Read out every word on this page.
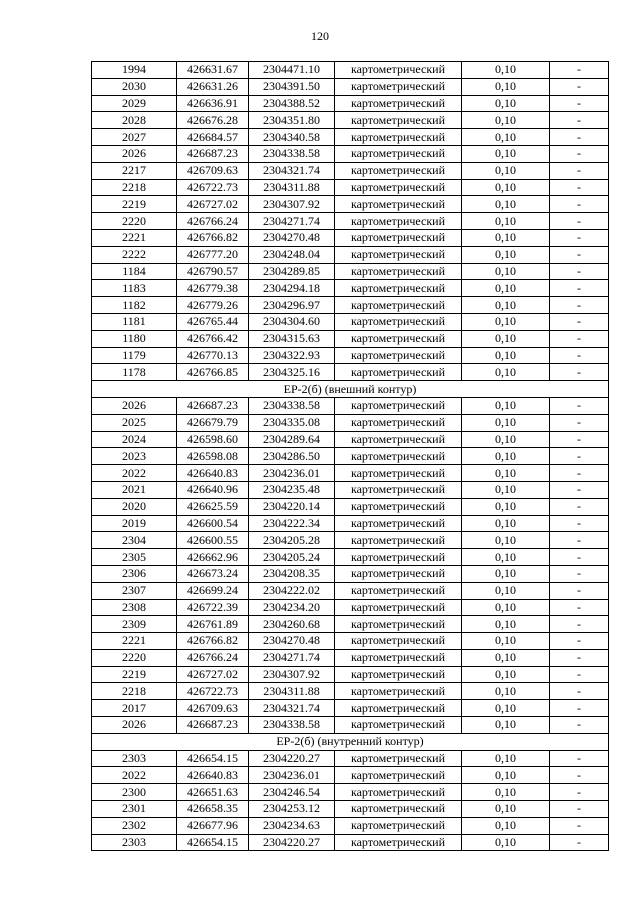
120
1994	426631.67	2304471.10	картометрический	0,10	-
2030	426631.26	2304391.50	картометрический	0,10	-
2029	426636.91	2304388.52	картометрический	0,10	-
2028	426676.28	2304351.80	картометрический	0,10	-
2027	426684.57	2304340.58	картометрический	0,10	-
2026	426687.23	2304338.58	картометрический	0,10	-
2217	426709.63	2304321.74	картометрический	0,10	-
2218	426722.73	2304311.88	картометрический	0,10	-
2219	426727.02	2304307.92	картометрический	0,10	-
2220	426766.24	2304271.74	картометрический	0,10	-
2221	426766.82	2304270.48	картометрический	0,10	-
2222	426777.20	2304248.04	картометрический	0,10	-
1184	426790.57	2304289.85	картометрический	0,10	-
1183	426779.38	2304294.18	картометрический	0,10	-
1182	426779.26	2304296.97	картометрический	0,10	-
1181	426765.44	2304304.60	картометрический	0,10	-
1180	426766.42	2304315.63	картометрический	0,10	-
1179	426770.13	2304322.93	картометрический	0,10	-
1178	426766.85	2304325.16	картометрический	0,10	-
ЕР-2(б) (внешний контур)					
2026	426687.23	2304338.58	картометрический	0,10	-
2025	426679.79	2304335.08	картометрический	0,10	-
2024	426598.60	2304289.64	картометрический	0,10	-
2023	426598.08	2304286.50	картометрический	0,10	-
2022	426640.83	2304236.01	картометрический	0,10	-
2021	426640.96	2304235.48	картометрический	0,10	-
2020	426625.59	2304220.14	картометрический	0,10	-
2019	426600.54	2304222.34	картометрический	0,10	-
2304	426600.55	2304205.28	картометрический	0,10	-
2305	426662.96	2304205.24	картометрический	0,10	-
2306	426673.24	2304208.35	картометрический	0,10	-
2307	426699.24	2304222.02	картометрический	0,10	-
2308	426722.39	2304234.20	картометрический	0,10	-
2309	426761.89	2304260.68	картометрический	0,10	-
2221	426766.82	2304270.48	картометрический	0,10	-
2220	426766.24	2304271.74	картометрический	0,10	-
2219	426727.02	2304307.92	картометрический	0,10	-
2218	426722.73	2304311.88	картометрический	0,10	-
2017	426709.63	2304321.74	картометрический	0,10	-
2026	426687.23	2304338.58	картометрический	0,10	-
ЕР-2(б) (внутренний контур)					
2303	426654.15	2304220.27	картометрический	0,10	-
2022	426640.83	2304236.01	картометрический	0,10	-
2300	426651.63	2304246.54	картометрический	0,10	-
2301	426658.35	2304253.12	картометрический	0,10	-
2302	426677.96	2304234.63	картометрический	0,10	-
2303	426654.15	2304220.27	картометрический	0,10	-
